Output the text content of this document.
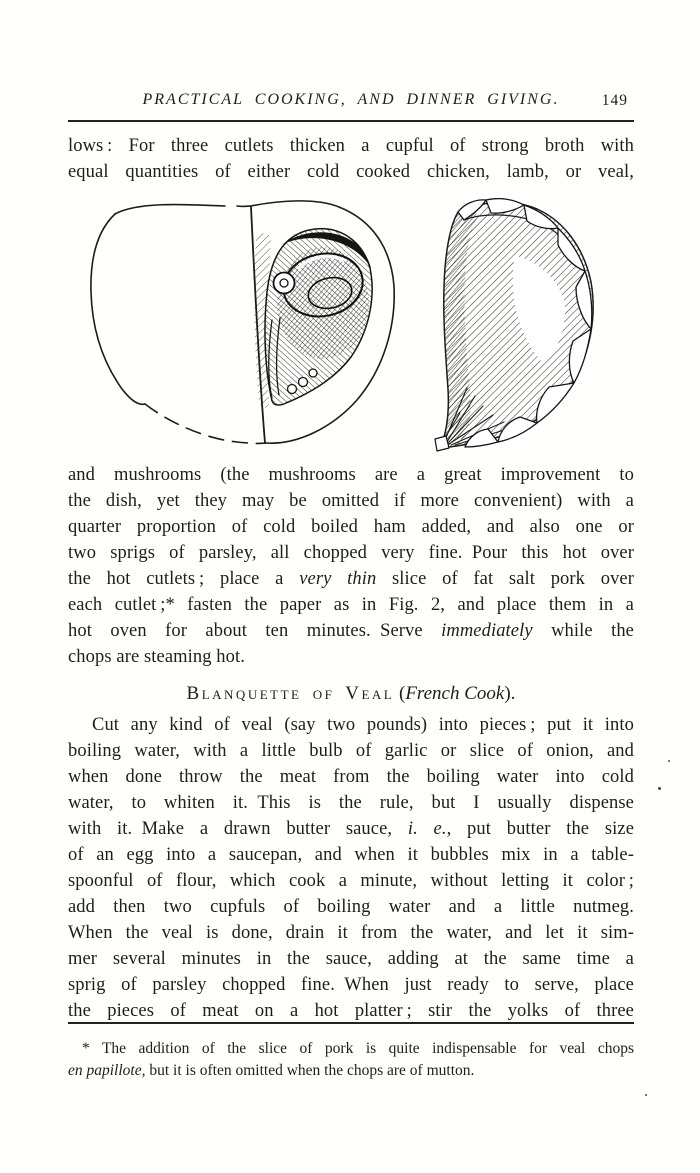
PRACTICAL COOKING, AND DINNER GIVING.	149
lows : For three cutlets thicken a cupful of strong broth with
equal quantities of either cold cooked chicken, lamb, or veal,
and mushrooms (the mushrooms are a great improvement to
the dish, yet they may be omitted if more convenient) with a
quarter proportion of cold boiled ham added, and also one or
two sprigs of parsley, all chopped very fine. Pour this hot over
the hot cutlets ; place a very thin slice of fat salt pork over
each cutlet ;* fasten the paper as in Fig. 2, and place them in a
hot oven for about ten minutes. Serve immediately while the
chops are steaming hot.
Blanquette of Veal (French Cook).
Cut any kind of veal (say two pounds) into pieces ; put it into
boiling water, with a little bulb of garlic or slice of onion, and
when done throw the meat from the boiling water into cold
water, to whiten it. This is the rule, but I usually dispense
with it. Make a drawn butter sauce, i. e., put butter the size
of an egg into a saucepan, and when it bubbles mix in a table-
spoonful of flour, which cook a minute, without letting it color ;
add then two cupfuls of boiling water and a little nutmeg.
When the veal is done, drain it from the water, and let it sim-
mer several minutes in the sauce, adding at the same time a
sprig of parsley chopped fine. When just ready to serve, place
the pieces of meat on a hot platter ; stir the yolks of three
* The addition of the slice of pork is quite indispensable for veal chops
en papillote, but it is often omitted when the chops are of mutton.
